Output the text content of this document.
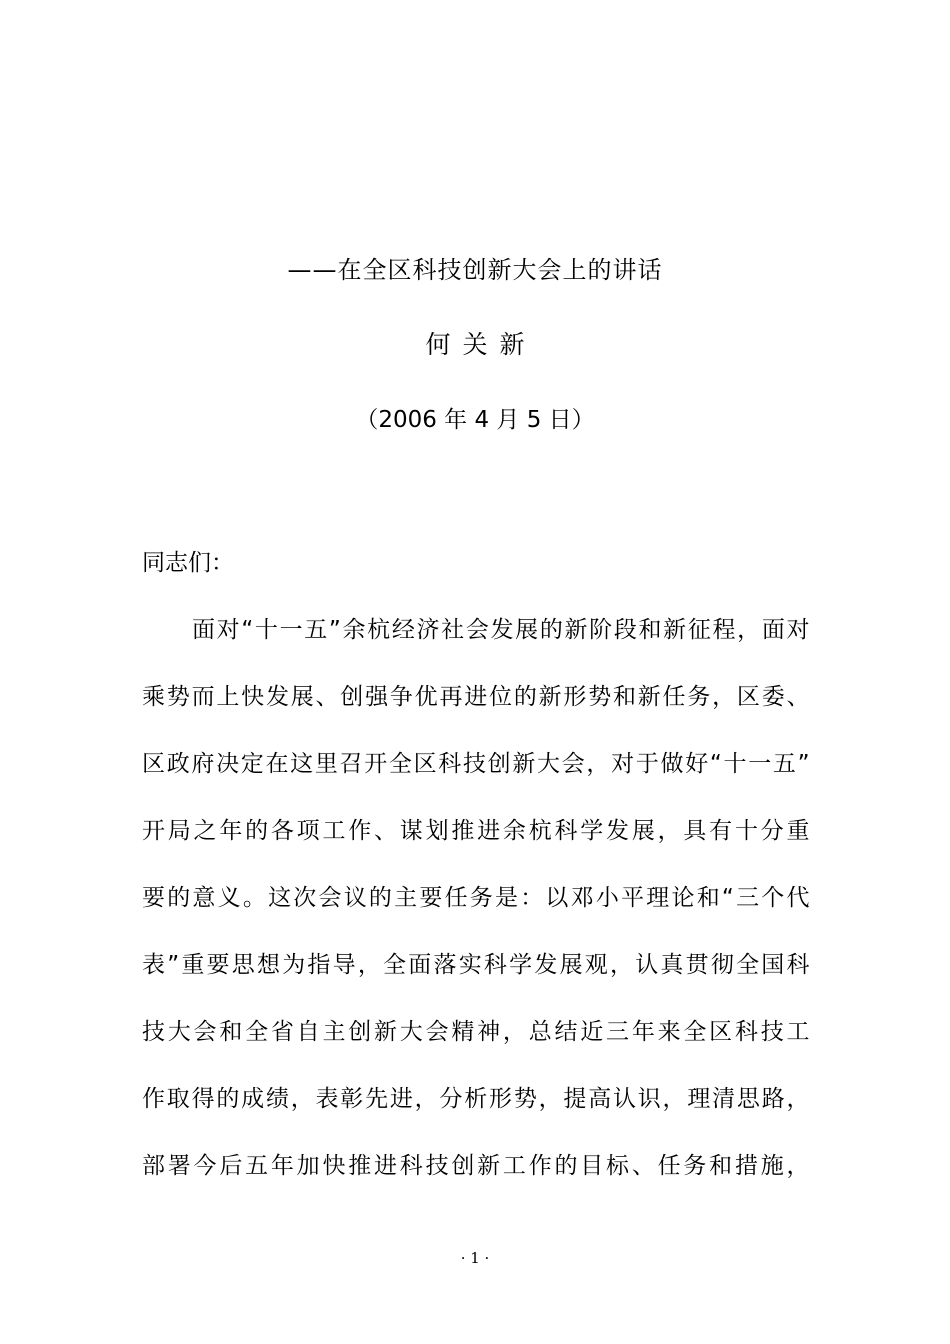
——在全区科技创新大会上的讲话
何关新
（2006 年 4 月 5 日）
同志们：
面对“十一五”余杭经济社会发展的新阶段和新征程，面对
乘势而上快发展、创强争优再进位的新形势和新任务，区委、
区政府决定在这里召开全区科技创新大会，对于做好“十一五”
开局之年的各项工作、谋划推进余杭科学发展，具有十分重
要的意义。这次会议的主要任务是：以邓小平理论和“三个代
表”重要思想为指导，全面落实科学发展观，认真贯彻全国科
技大会和全省自主创新大会精神，总结近三年来全区科技工
作取得的成绩，表彰先进，分析形势，提高认识，理清思路，
部署今后五年加快推进科技创新工作的目标、任务和措施，
· 1 ·
